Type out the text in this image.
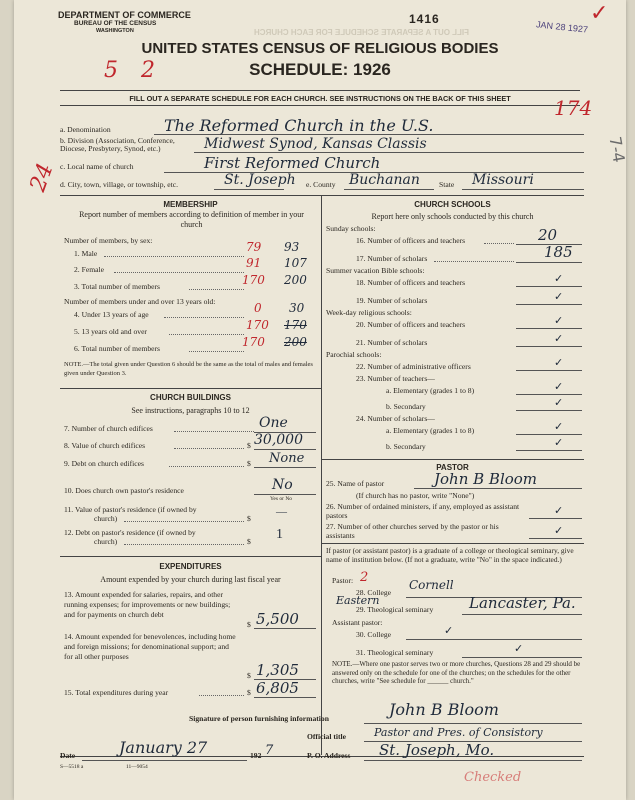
DEPARTMENT OF COMMERCE
BUREAU OF THE CENSUS
WASHINGTON
1416
JAN 28 1927
✓
UNITED STATES CENSUS OF RELIGIOUS BODIES
SCHEDULE: 1926
FILL OUT A SEPARATE SCHEDULE FOR EACH CHURCH
5 2
FILL OUT A SEPARATE SCHEDULE FOR EACH CHURCH. SEE INSTRUCTIONS ON THE BACK OF THIS SHEET	174
7-4
24
a. Denomination	The Reformed Church in the U.S.
b. Division (Association, Conference, Diocese, Presbytery, Synod, etc.)	Midwest Synod, Kansas Classis
c. Local name of church	First Reformed Church
d. City, town, village, or township, etc.	St. Joseph e. County Buchanan	State Missouri
MEMBERSHIP
Report number of members according to definition of member in your church
Number of members, by sex:
1. Male	79 93
2. Female	91 107
3. Total number of members	170 200
Number of members under and over 13 years old:
4. Under 13 years of age	0 30
5. 13 years old and over	170 170
6. Total number of members	170 200
NOTE.—The total given under Question 6 should be the same as the total of males and females given under Question 3.
CHURCH BUILDINGS
See instructions, paragraphs 10 to 12
7. Number of church edifices	One
8. Value of church edifices	$ 30,000
9. Debt on church edifices	$ None
10. Does church own pastor's residence	No
Yes or No
11. Value of pastor's residence (if owned by
church)	$
—
12. Debt on pastor's residence (if owned by
church)	$ 1
EXPENDITURES
Amount expended by your church during last fiscal year
13. Amount expended for salaries, repairs, and other running expenses; for improvements or new buildings; and for payments on church debt
$ 5,500
14. Amount expended for benevolences, including home and foreign missions; for denominational support; and for all other purposes
$ 1,305
15. Total expenditures during year	$ 6,805
CHURCH SCHOOLS
Report here only schools conducted by this church
Sunday schools:
16. Number of officers and teachers	20
17. Number of scholars	185
Summer vacation Bible schools:
18. Number of officers and teachers	✓
19. Number of scholars	✓
Week-day religious schools:
20. Number of officers and teachers	✓
21. Number of scholars	✓
Parochial schools:
22. Number of administrative officers	✓
23. Number of teachers—
a. Elementary (grades 1 to 8)	✓
b. Secondary	✓
24. Number of scholars—
a. Elementary (grades 1 to 8)	✓
b. Secondary	✓
PASTOR
25. Name of pastor	John B Bloom
(If church has no pastor, write "None")
26. Number of ordained ministers, if any, employed as assistant pastors	✓
27. Number of other churches served by the pastor or his assistants	✓
If pastor (or assistant pastor) is a graduate of a college or theological seminary, give name of institution below. (If not a graduate, write "No" in the space indicated.)
Pastor: 2
28. College
Cornell
29. Theological seminary
Eastern	Lancaster, Pa.
Assistant pastor:
30. College	✓
31. Theological seminary	✓
NOTE.—Where one pastor serves two or more churches, Questions 28 and 29 should be answered only on the schedule for one of the churches; on the schedules for the other churches, write "See schedule for ______ church."
Signature of person furnishing information	John B Bloom
Official title	Pastor and Pres. of Consistory
Date	January 27	192 7	P. O. Address St. Joseph, Mo.
S—5518 a	11—9054
Checked
